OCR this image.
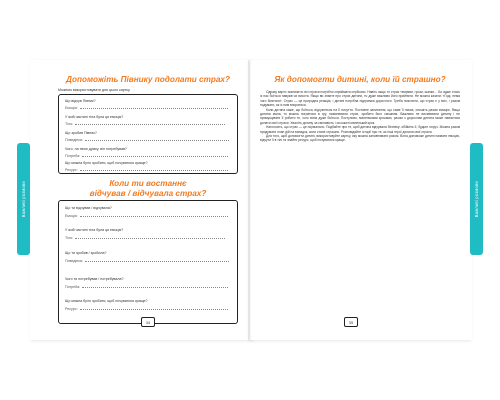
Важливі розмови	Важливі розмови
Допоможіть Півнику подолати страх?
Можемо використовувати для цього картку.
Що відчув Півник?
Емоція:
У якій частині тіла була ця емоція?
Тіло:
Що зробив Півник?
Поведінка:
Чого, на твою думку, він потребував?
Потреба:
Що можна було зробити, щоб почуватися краще?
Ресурс:
Коли ти востаннє
відчував / відчувала страх?
Що ти відчував / відчувала?
Емоція:
У якій частині тіла була ця емоція?
Тіло:
Що ти зробив / зробила?
Поведінка:
Чого ти потребував / потребувала?
Потреба:
Що можна було зробити, щоб почуватися краще?
Ресурс:
34
Як допомогти дитині, коли їй страшно?

Одразу варто зазначити: всі страхи потрібно сприймати серйозно. Навіть якщо то страх темряви, грози, шапки… Бо адже хтось із нас боїться павуків чи висоти. Якщо ви знаєте про страх дитини, то дуже важливо його прийняти. Не можна казати: «Годі, нема чого боятися». Страх — це природна реакція, і дитині потрібна підтримка дорослого. Треба пояснити, що страх є у всіх, і разом подумати, як із ним впоратися.

Коли дитина каже, що боїться, відгукніться на її почуття. Поставте запитання, що саме її лякає, опишіть разом емоцію. Якщо дитина мала, то можна погратися в гру, намалювати страх, зробити його смішним. Важливо не висміювати дитину і не примушувати її робити те, чого вона дуже боїться. Поступово, маленькими кроками, разом з дорослим дитина може навчитися долати свої страхи. Хваліть дитину за сміливість і за кожен маленький крок.

Наголосіть, що страх — це нормально. Подбайте про те, щоб дитина відчувала безпеку: обійміть її, будьте поруч. Можна разом придумати план дій на випадок, коли стане страшно. Розповідайте історії про те, як інші герої долали свої страхи.

Для того, щоб допомогти дитині, використовуйте картку, яку можна заповнювати разом. Вона допоможе дитині назвати емоцію, відчути її в тілі та знайти ресурс, щоб почуватися краще.

35
